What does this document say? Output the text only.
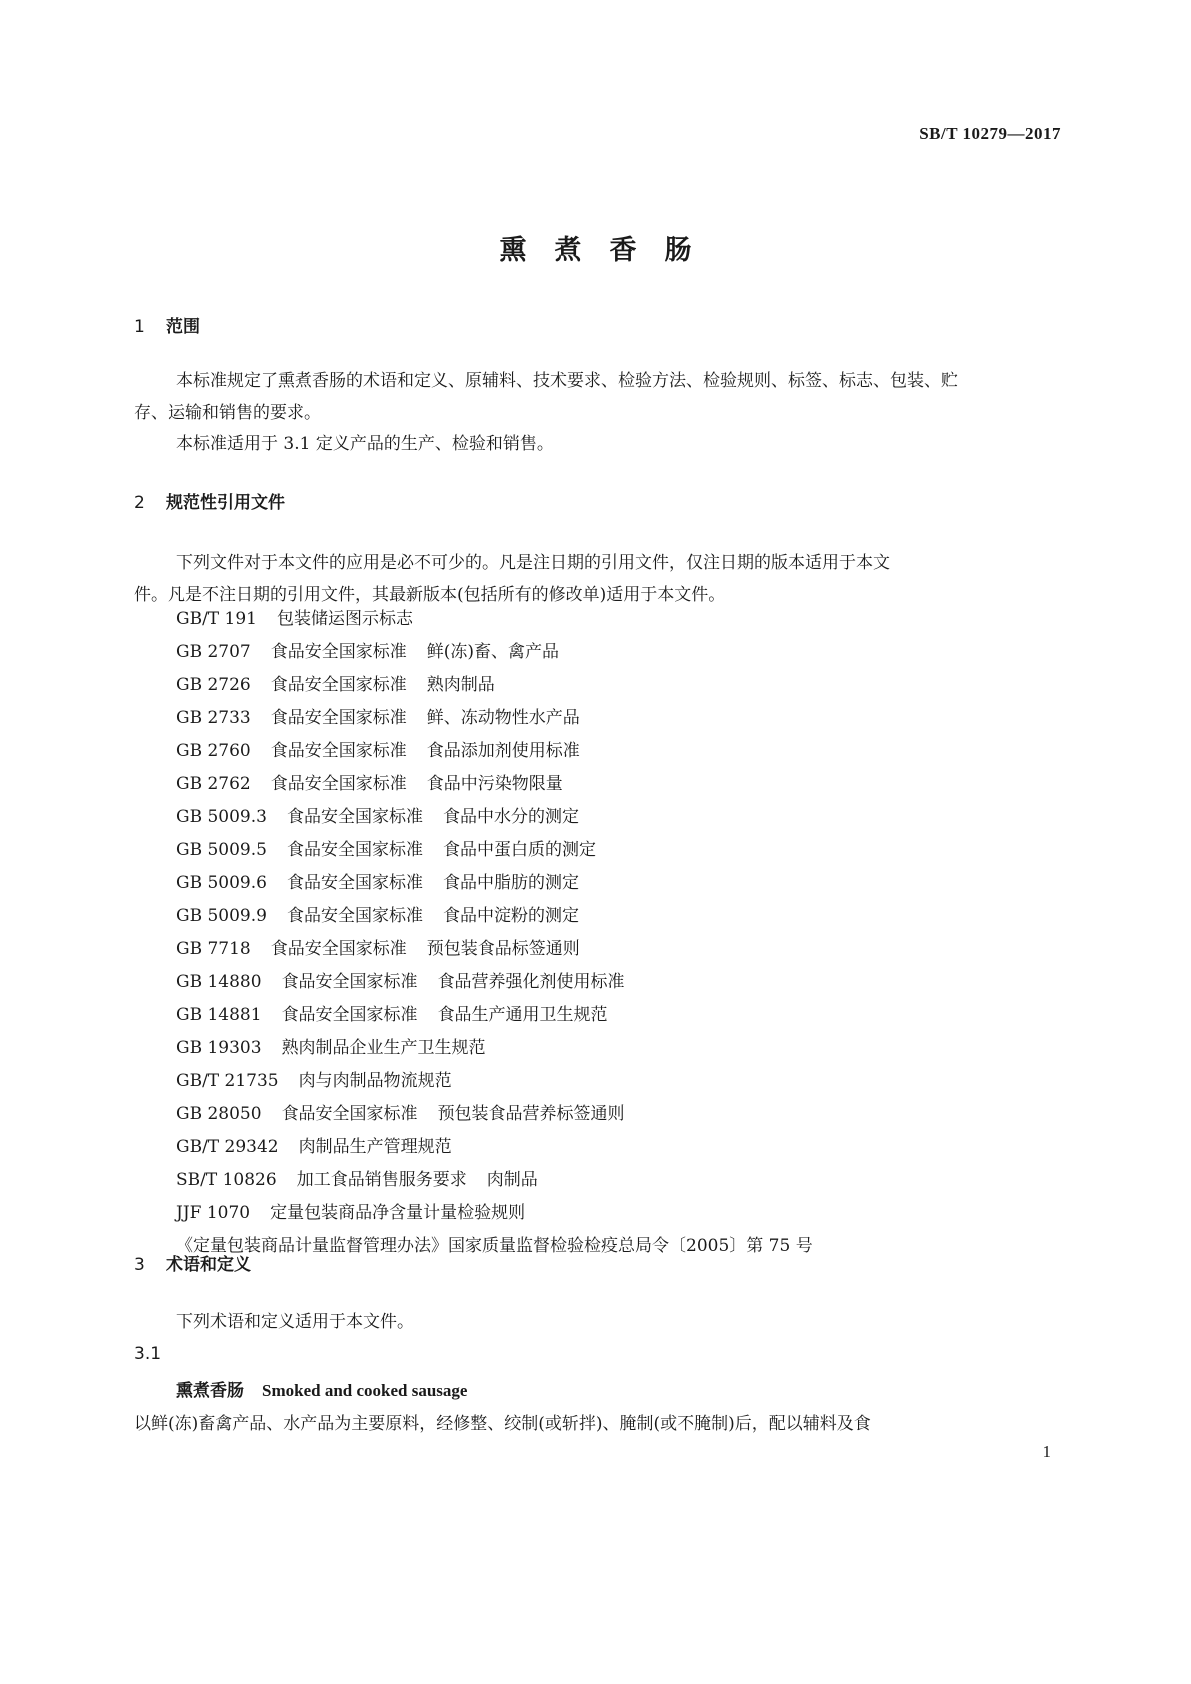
SB/T 10279—2017
熏煮香肠
1 范围
本标准规定了熏煮香肠的术语和定义、原辅料、技术要求、检验方法、检验规则、标签、标志、包装、贮
存、运输和销售的要求。
本标准适用于 3.1 定义产品的生产、检验和销售。
2 规范性引用文件
下列文件对于本文件的应用是必不可少的。凡是注日期的引用文件，仅注日期的版本适用于本文
件。凡是不注日期的引用文件，其最新版本(包括所有的修改单)适用于本文件。
GB/T 191 包装储运图示标志
GB 2707 食品安全国家标准 鲜(冻)畜、禽产品
GB 2726 食品安全国家标准 熟肉制品
GB 2733 食品安全国家标准 鲜、冻动物性水产品
GB 2760 食品安全国家标准 食品添加剂使用标准
GB 2762 食品安全国家标准 食品中污染物限量
GB 5009.3 食品安全国家标准 食品中水分的测定
GB 5009.5 食品安全国家标准 食品中蛋白质的测定
GB 5009.6 食品安全国家标准 食品中脂肪的测定
GB 5009.9 食品安全国家标准 食品中淀粉的测定
GB 7718 食品安全国家标准 预包装食品标签通则
GB 14880 食品安全国家标准 食品营养强化剂使用标准
GB 14881 食品安全国家标准 食品生产通用卫生规范
GB 19303 熟肉制品企业生产卫生规范
GB/T 21735 肉与肉制品物流规范
GB 28050 食品安全国家标准 预包装食品营养标签通则
GB/T 29342 肉制品生产管理规范
SB/T 10826 加工食品销售服务要求 肉制品
JJF 1070 定量包装商品净含量计量检验规则
《定量包装商品计量监督管理办法》国家质量监督检验检疫总局令〔2005〕第 75 号
3 术语和定义
下列术语和定义适用于本文件。
3.1
熏煮香肠 Smoked and cooked sausage
以鲜(冻)畜禽产品、水产品为主要原料，经修整、绞制(或斩拌)、腌制(或不腌制)后，配以辅料及食
1
